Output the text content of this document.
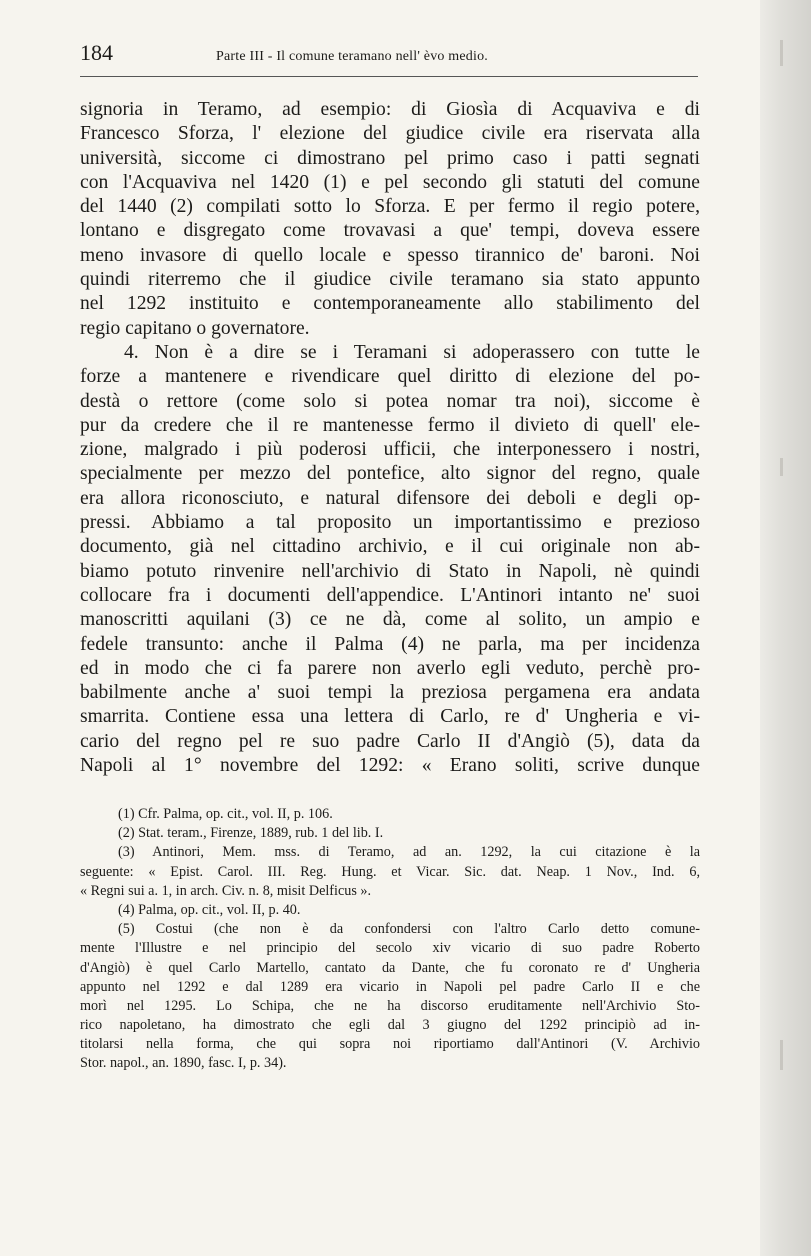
184	Parte III - Il comune teramano nell' èvo medio.
signoria in Teramo, ad esempio: di Giosìa di Acquaviva e di
Francesco Sforza, l' elezione del giudice civile era riservata alla
università, siccome ci dimostrano pel primo caso i patti segnati
con l'Acquaviva nel 1420 (1) e pel secondo gli statuti del comune
del 1440 (2) compilati sotto lo Sforza. E per fermo il regio potere,
lontano e disgregato come trovavasi a que' tempi, doveva essere
meno invasore di quello locale e spesso tirannico de' baroni. Noi
quindi riterremo che il giudice civile teramano sia stato appunto
nel 1292 instituito e contemporaneamente allo stabilimento del
regio capitano o governatore.
4. Non è a dire se i Teramani si adoperassero con tutte le
forze a mantenere e rivendicare quel diritto di elezione del po-
destà o rettore (come solo si potea nomar tra noi), siccome è
pur da credere che il re mantenesse fermo il divieto di quell' ele-
zione, malgrado i più poderosi ufficii, che interponessero i nostri,
specialmente per mezzo del pontefice, alto signor del regno, quale
era allora riconosciuto, e natural difensore dei deboli e degli op-
pressi. Abbiamo a tal proposito un importantissimo e prezioso
documento, già nel cittadino archivio, e il cui originale non ab-
biamo potuto rinvenire nell'archivio di Stato in Napoli, nè quindi
collocare fra i documenti dell'appendice. L'Antinori intanto ne' suoi
manoscritti aquilani (3) ce ne dà, come al solito, un ampio e
fedele transunto: anche il Palma (4) ne parla, ma per incidenza
ed in modo che ci fa parere non averlo egli veduto, perchè pro-
babilmente anche a' suoi tempi la preziosa pergamena era andata
smarrita. Contiene essa una lettera di Carlo, re d' Ungheria e vi-
cario del regno pel re suo padre Carlo II d'Angiò (5), data da
Napoli al 1° novembre del 1292: « Erano soliti, scrive dunque
(1) Cfr. Palma, op. cit., vol. II, p. 106.
(2) Stat. teram., Firenze, 1889, rub. 1 del lib. I.
(3) Antinori, Mem. mss. di Teramo, ad an. 1292, la cui citazione è la
seguente: « Epist. Carol. III. Reg. Hung. et Vicar. Sic. dat. Neap. 1 Nov., Ind. 6,
« Regni sui a. 1, in arch. Civ. n. 8, misit Delficus ».
(4) Palma, op. cit., vol. II, p. 40.
(5) Costui (che non è da confondersi con l'altro Carlo detto comune-
mente l'Illustre e nel principio del secolo xiv vicario di suo padre Roberto
d'Angiò) è quel Carlo Martello, cantato da Dante, che fu coronato re d' Ungheria
appunto nel 1292 e dal 1289 era vicario in Napoli pel padre Carlo II e che
morì nel 1295. Lo Schipa, che ne ha discorso eruditamente nell'Archivio Sto-
rico napoletano, ha dimostrato che egli dal 3 giugno del 1292 principiò ad in-
titolarsi nella forma, che qui sopra noi riportiamo dall'Antinori (V. Archivio
Stor. napol., an. 1890, fasc. I, p. 34).
